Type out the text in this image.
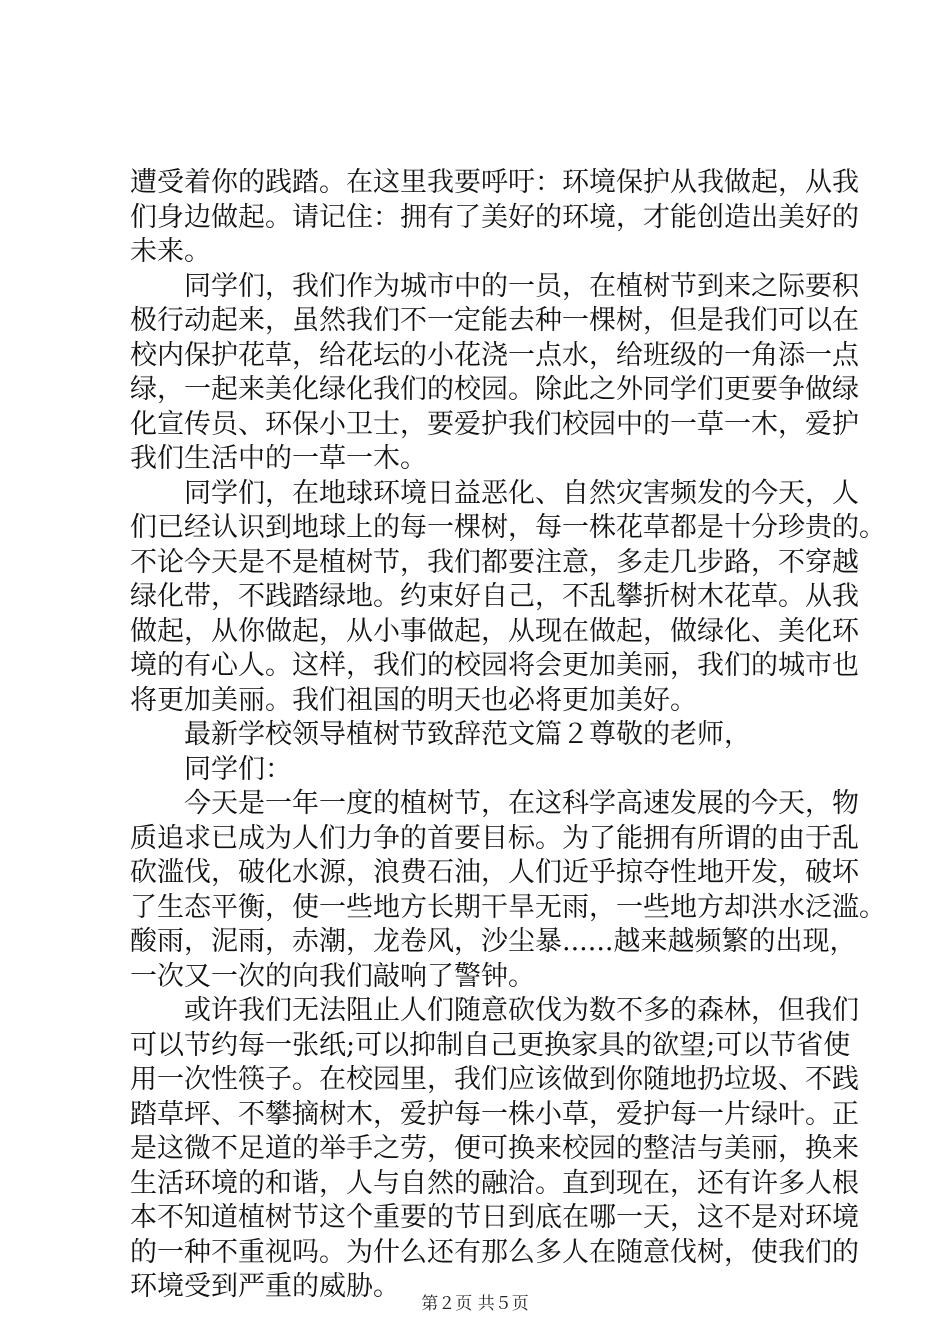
遭受着你的践踏。在这里我要呼吁：环境保护从我做起，从我
们身边做起。请记住：拥有了美好的环境，才能创造出美好的
未来。
同学们，我们作为城市中的一员，在植树节到来之际要积
极行动起来，虽然我们不一定能去种一棵树，但是我们可以在
校内保护花草，给花坛的小花浇一点水，给班级的一角添一点
绿，一起来美化绿化我们的校园。除此之外同学们更要争做绿
化宣传员、环保小卫士，要爱护我们校园中的一草一木，爱护
我们生活中的一草一木。
同学们，在地球环境日益恶化、自然灾害频发的今天，人
们已经认识到地球上的每一棵树，每一株花草都是十分珍贵的。
不论今天是不是植树节，我们都要注意，多走几步路，不穿越
绿化带，不践踏绿地。约束好自己，不乱攀折树木花草。从我
做起，从你做起，从小事做起，从现在做起，做绿化、美化环
境的有心人。这样，我们的校园将会更加美丽，我们的城市也
将更加美丽。我们祖国的明天也必将更加美好。
最新学校领导植树节致辞范文篇２尊敬的老师，
同学们：
今天是一年一度的植树节，在这科学高速发展的今天，物
质追求已成为人们力争的首要目标。为了能拥有所谓的由于乱
砍滥伐，破化水源，浪费石油，人们近乎掠夺性地开发，破坏
了生态平衡，使一些地方长期干旱无雨，一些地方却洪水泛滥。
酸雨，泥雨，赤潮，龙卷风，沙尘暴......越来越频繁的出现，
一次又一次的向我们敲响了警钟。
或许我们无法阻止人们随意砍伐为数不多的森林，但我们
可以节约每一张纸;可以抑制自己更换家具的欲望;可以节省使
用一次性筷子。在校园里，我们应该做到你随地扔垃圾、不践
踏草坪、不攀摘树木，爱护每一株小草，爱护每一片绿叶。正
是这微不足道的举手之劳，便可换来校园的整洁与美丽，换来
生活环境的和谐，人与自然的融洽。直到现在，还有许多人根
本不知道植树节这个重要的节日到底在哪一天，这不是对环境
的一种不重视吗。为什么还有那么多人在随意伐树，使我们的
环境受到严重的威胁。
第２页 共５页
